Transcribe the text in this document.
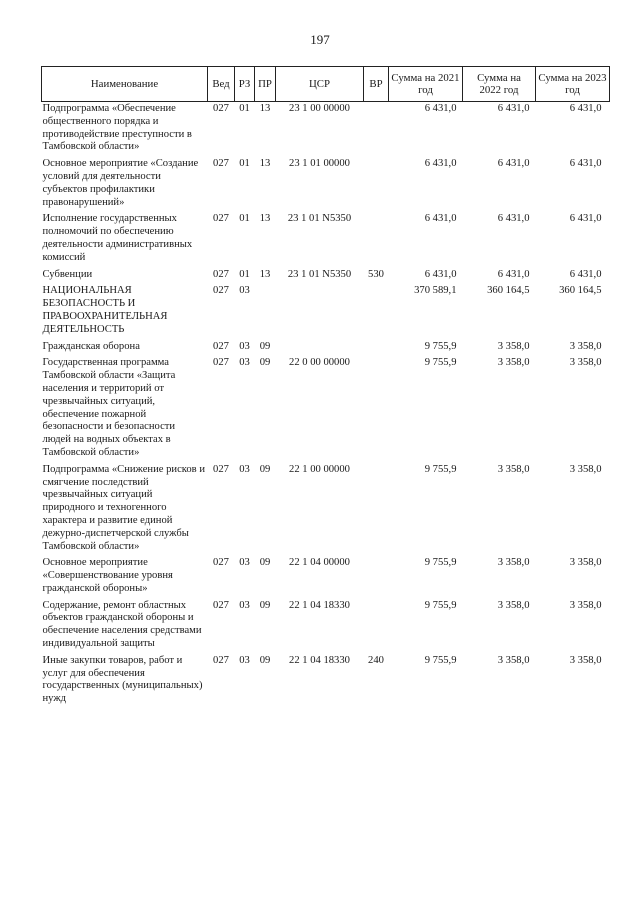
197
Наименование	Вед	РЗ	ПР	ЦСР	ВР	Сумма на 2021 год	Сумма на 2022 год	Сумма на 2023 год
Подпрограмма «Обеспечение общественного порядка и противодействие преступности в Тамбовской области»	027	01	13	23 1 00 00000		6 431,0	6 431,0	6 431,0
Основное мероприятие «Создание условий для деятельности субъектов профилактики правонарушений»	027	01	13	23 1 01 00000		6 431,0	6 431,0	6 431,0
Исполнение государственных полномочий по обеспечению деятельности административных комиссий	027	01	13	23 1 01 N5350		6 431,0	6 431,0	6 431,0
Субвенции	027	01	13	23 1 01 N5350	530	6 431,0	6 431,0	6 431,0
НАЦИОНАЛЬНАЯ БЕЗОПАСНОСТЬ И ПРАВООХРАНИТЕЛЬНАЯ ДЕЯТЕЛЬНОСТЬ	027	03				370 589,1	360 164,5	360 164,5
Гражданская оборона	027	03	09			9 755,9	3 358,0	3 358,0
Государственная программа Тамбовской области «Защита населения и территорий от чрезвычайных ситуаций, обеспечение пожарной безопасности и безопасности людей на водных объектах в Тамбовской области»	027	03	09	22 0 00 00000		9 755,9	3 358,0	3 358,0
Подпрограмма «Снижение рисков и смягчение последствий чрезвычайных ситуаций природного и техногенного характера и развитие единой дежурно-диспетчерской службы Тамбовской области»	027	03	09	22 1 00 00000		9 755,9	3 358,0	3 358,0
Основное мероприятие «Совершенствование уровня гражданской обороны»	027	03	09	22 1 04 00000		9 755,9	3 358,0	3 358,0
Содержание, ремонт областных объектов гражданской обороны и обеспечение населения средствами индивидуальной защиты	027	03	09	22 1 04 18330		9 755,9	3 358,0	3 358,0
Иные закупки товаров, работ и услуг для обеспечения государственных (муниципальных) нужд	027	03	09	22 1 04 18330	240	9 755,9	3 358,0	3 358,0
